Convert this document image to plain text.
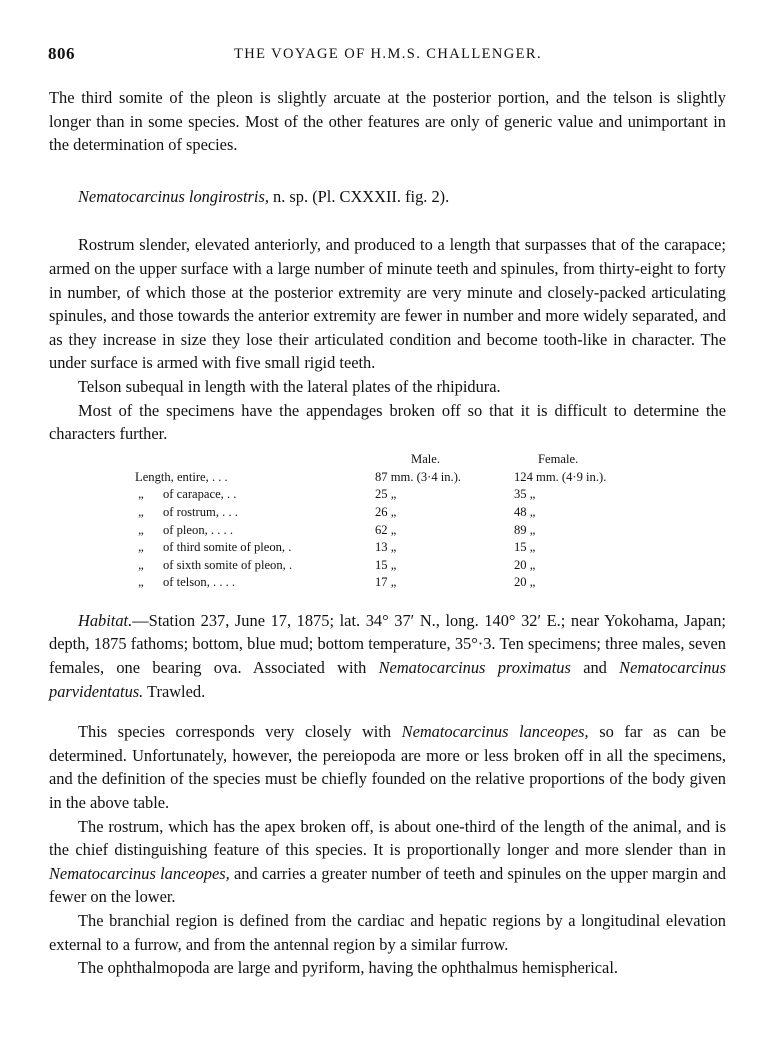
806	THE VOYAGE OF H.M.S. CHALLENGER.

The third somite of the pleon is slightly arcuate at the posterior portion, and the telson is slightly longer than in some species. Most of the other features are only of generic value and unimportant in the determination of species.

Nematocarcinus longirostris, n. sp. (Pl. CXXXII. fig. 2).

Rostrum slender, elevated anteriorly, and produced to a length that surpasses that of the carapace; armed on the upper surface with a large number of minute teeth and spinules, from thirty-eight to forty in number, of which those at the posterior extremity are very minute and closely-packed articulating spinules, and those towards the anterior extremity are fewer in number and more widely separated, and as they increase in size they lose their articulated condition and become tooth-like in character. The under surface is armed with five small rigid teeth.

Telson subequal in length with the lateral plates of the rhipidura.

Most of the specimens have the appendages broken off so that it is difficult to determine the characters further.

		Male.	Female.
Length, entire, . . .		87 mm. (3·4 in.).	124 mm. (4·9 in.).
„ of carapace, . .		25 „	35 „
„ of rostrum, . . .		26 „	48 „
„ of pleon, . . . .		62 „	89 „
„ of third somite of pleon, .		13 „	15 „
„ of sixth somite of pleon, .		15 „	20 „
„ of telson, . . . .		17 „	20 „

Habitat.—Station 237, June 17, 1875; lat. 34° 37′ N., long. 140° 32′ E.; near Yokohama, Japan; depth, 1875 fathoms; bottom, blue mud; bottom temperature, 35°·3. Ten specimens; three males, seven females, one bearing ova. Associated with Nematocarcinus proximatus and Nematocarcinus parvidentatus. Trawled.

This species corresponds very closely with Nematocarcinus lanceopes, so far as can be determined. Unfortunately, however, the pereiopoda are more or less broken off in all the specimens, and the definition of the species must be chiefly founded on the relative proportions of the body given in the above table.

The rostrum, which has the apex broken off, is about one-third of the length of the animal, and is the chief distinguishing feature of this species. It is proportionally longer and more slender than in Nematocarcinus lanceopes, and carries a greater number of teeth and spinules on the upper margin and fewer on the lower.

The branchial region is defined from the cardiac and hepatic regions by a longitudinal elevation external to a furrow, and from the antennal region by a similar furrow.

The ophthalmopoda are large and pyriform, having the ophthalmus hemispherical.
